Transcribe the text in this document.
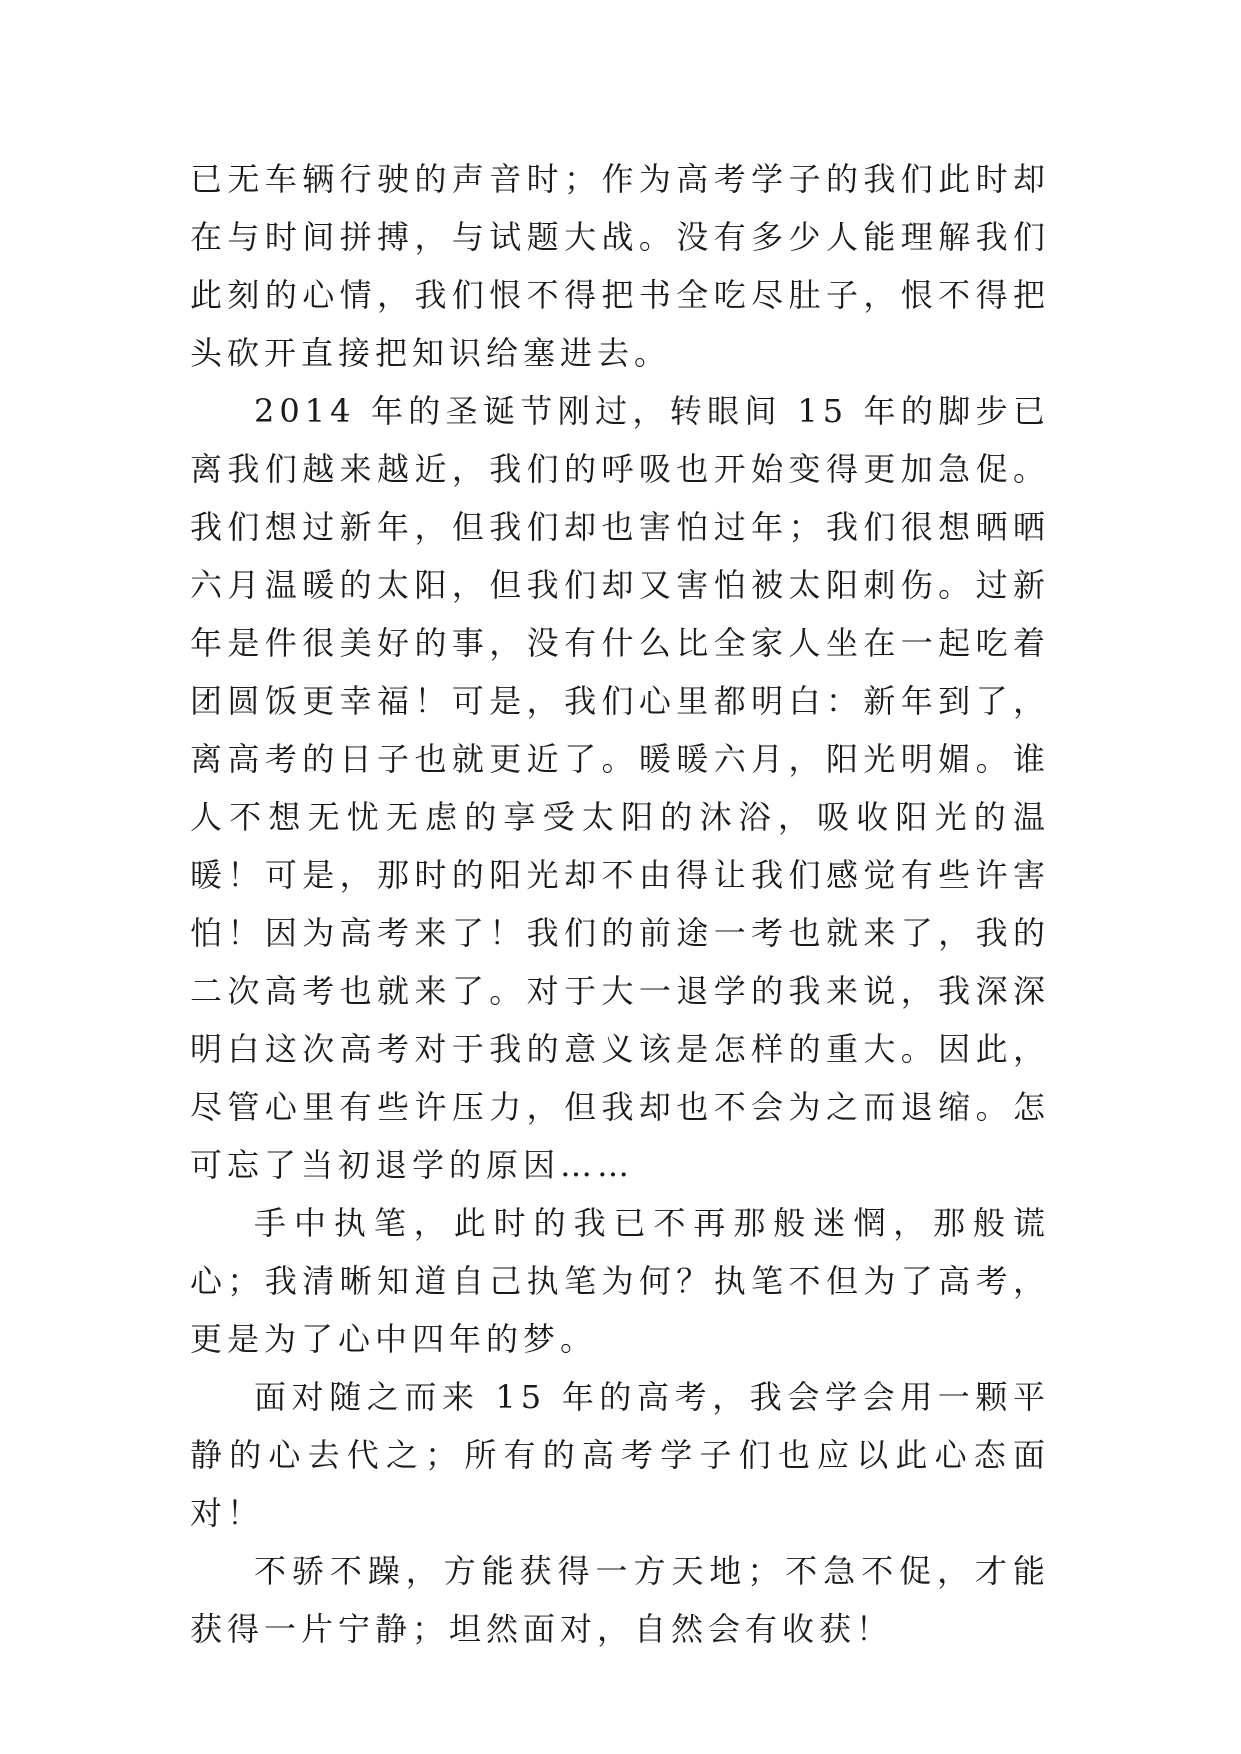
已无车辆行驶的声音时；作为高考学子的我们此时却在与时间拼搏，与试题大战。没有多少人能理解我们此刻的心情，我们恨不得把书全吃尽肚子，恨不得把头砍开直接把知识给塞进去。

2014 年的圣诞节刚过，转眼间 15 年的脚步已离我们越来越近，我们的呼吸也开始变得更加急促。我们想过新年，但我们却也害怕过年；我们很想晒晒六月温暖的太阳，但我们却又害怕被太阳刺伤。过新年是件很美好的事，没有什么比全家人坐在一起吃着团圆饭更幸福！可是，我们心里都明白：新年到了，离高考的日子也就更近了。暖暖六月，阳光明媚。谁人不想无忧无虑的享受太阳的沐浴，吸收阳光的温暖！可是，那时的阳光却不由得让我们感觉有些许害怕！因为高考来了！我们的前途一考也就来了，我的二次高考也就来了。对于大一退学的我来说，我深深明白这次高考对于我的意义该是怎样的重大。因此，尽管心里有些许压力，但我却也不会为之而退缩。怎可忘了当初退学的原因……

手中执笔，此时的我已不再那般迷惘，那般谎心；我清晰知道自己执笔为何？执笔不但为了高考，更是为了心中四年的梦。

面对随之而来 15 年的高考，我会学会用一颗平静的心去代之；所有的高考学子们也应以此心态面对！

不骄不躁，方能获得一方天地；不急不促，才能获得一片宁静；坦然面对，自然会有收获！
